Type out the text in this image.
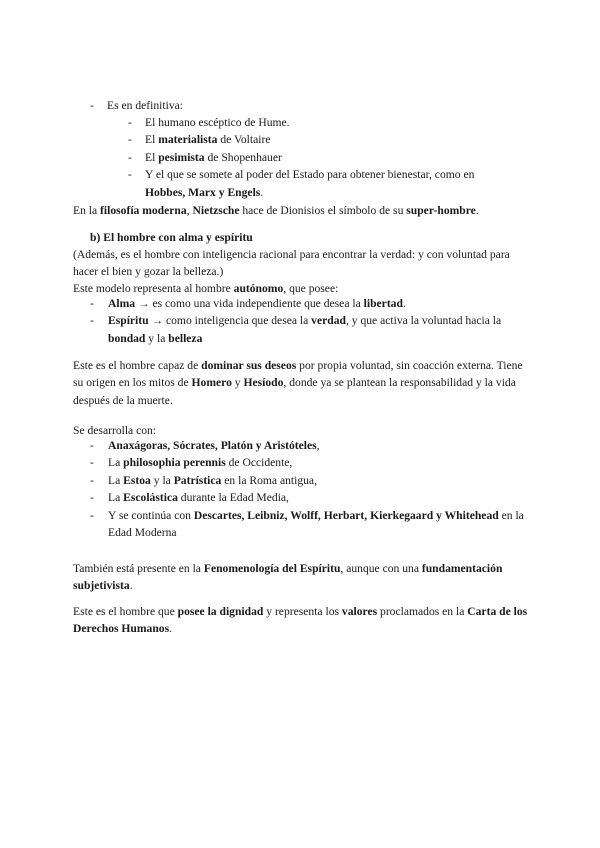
- Es en definitiva:
- El humano escéptico de Hume.
- El materialista de Voltaire
- El pesimista de Shopenhauer
- Y el que se somete al poder del Estado para obtener bienestar, como en Hobbes, Marx y Engels.

En la filosofía moderna, Nietzsche hace de Dionisios el símbolo de su super-hombre.

b) El hombre con alma y espíritu

(Además, es el hombre con inteligencia racional para encontrar la verdad: y con voluntad para hacer el bien y gozar la belleza.)

Este modelo representa al hombre autónomo, que posee:

- Alma → es como una vida independiente que desea la libertad.
- Espíritu → como inteligencia que desea la verdad, y que activa la voluntad hacia la bondad y la belleza

Este es el hombre capaz de dominar sus deseos por propia voluntad, sin coacción externa. Tiene su origen en los mitos de Homero y Hesíodo, donde ya se plantean la responsabilidad y la vida después de la muerte.

Se desarrolla con:

- Anaxágoras, Sócrates, Platón y Aristóteles,
- La philosophia perennis de Occidente,
- La Estoa y la Patrística en la Roma antigua,
- La Escolástica durante la Edad Media,
- Y se continúa con Descartes, Leibniz, Wolff, Herbart, Kierkegaard y Whitehead en la Edad Moderna

También está presente en la Fenomenología del Espíritu, aunque con una fundamentación subjetivista.

Este es el hombre que posee la dignidad y representa los valores proclamados en la Carta de los Derechos Humanos.
